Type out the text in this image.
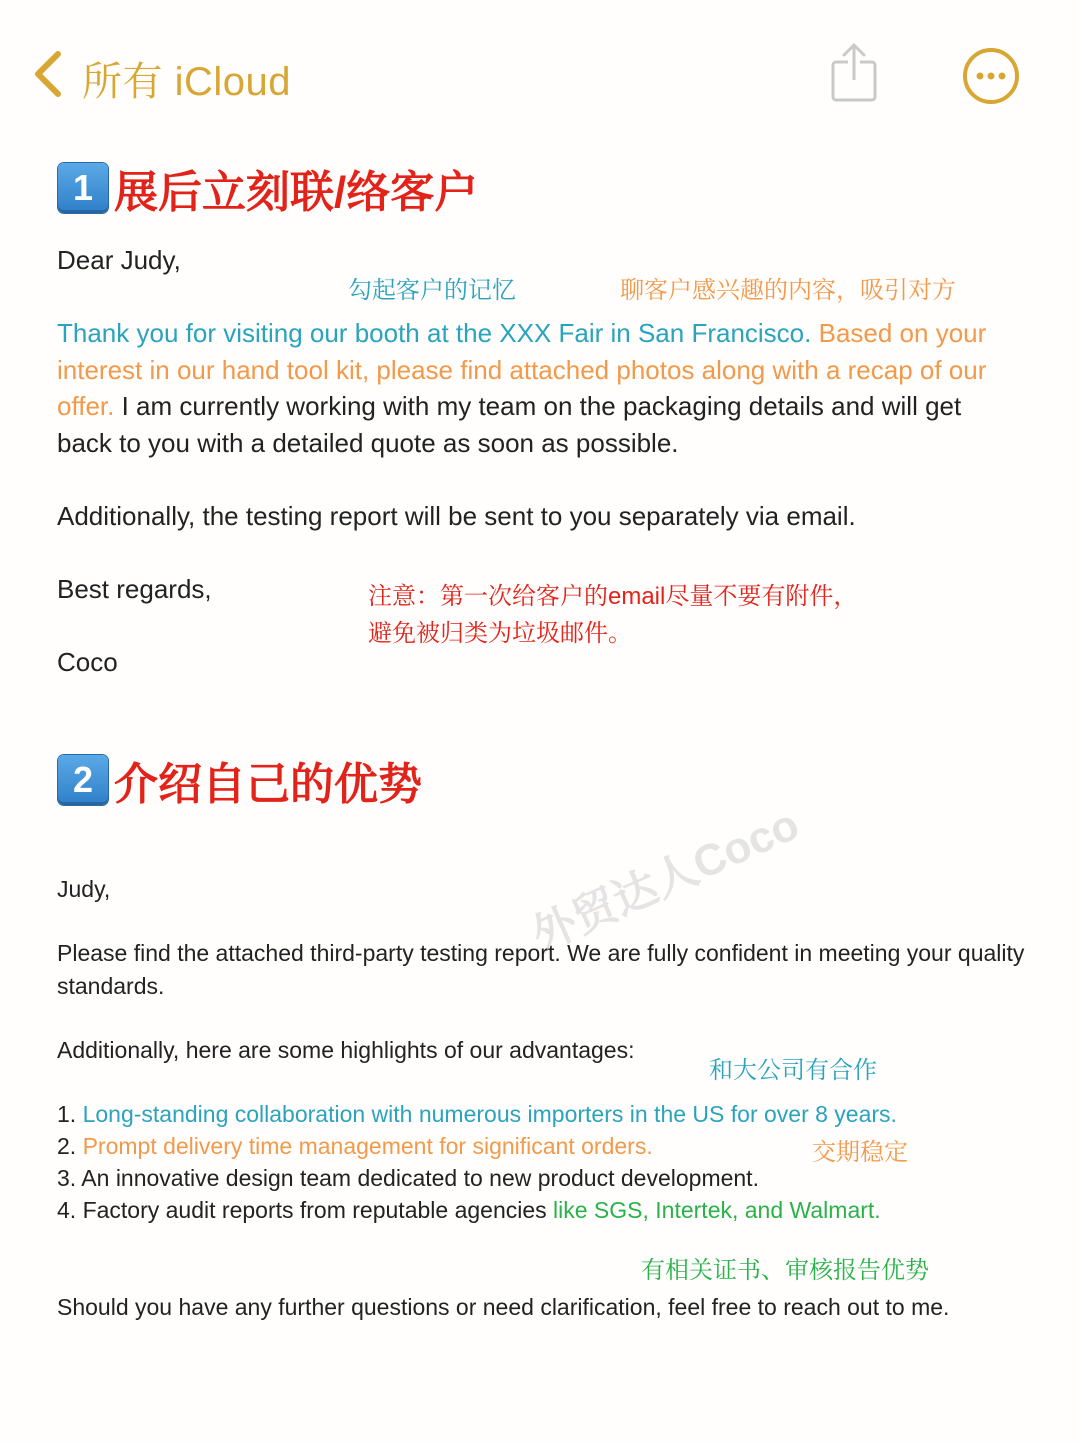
所有 iCloud
1 展后立刻联/络客户
Dear Judy,
勾起客户的记忆	聊客户感兴趣的内容，吸引对方
Thank you for visiting our booth at the XXX Fair in San Francisco. Based on your interest in our hand tool kit, please find attached photos along with a recap of our offer. I am currently working with my team on the packaging details and will get back to you with a detailed quote as soon as possible.
Additionally, the testing report will be sent to you separately via email.
Best regards,
Coco
注意：第一次给客户的email尽量不要有附件，
避免被归类为垃圾邮件。
2 介绍自己的优势
外贸达人Coco
Judy,
Please find the attached third-party testing report. We are fully confident in meeting your quality standards.
Additionally, here are some highlights of our advantages:
和大公司有合作
1. Long-standing collaboration with numerous importers in the US for over 8 years.
2. Prompt delivery time management for significant orders.	交期稳定
3. An innovative design team dedicated to new product development.
4. Factory audit reports from reputable agencies like SGS, Intertek, and Walmart.
有相关证书、审核报告优势
Should you have any further questions or need clarification, feel free to reach out to me.
